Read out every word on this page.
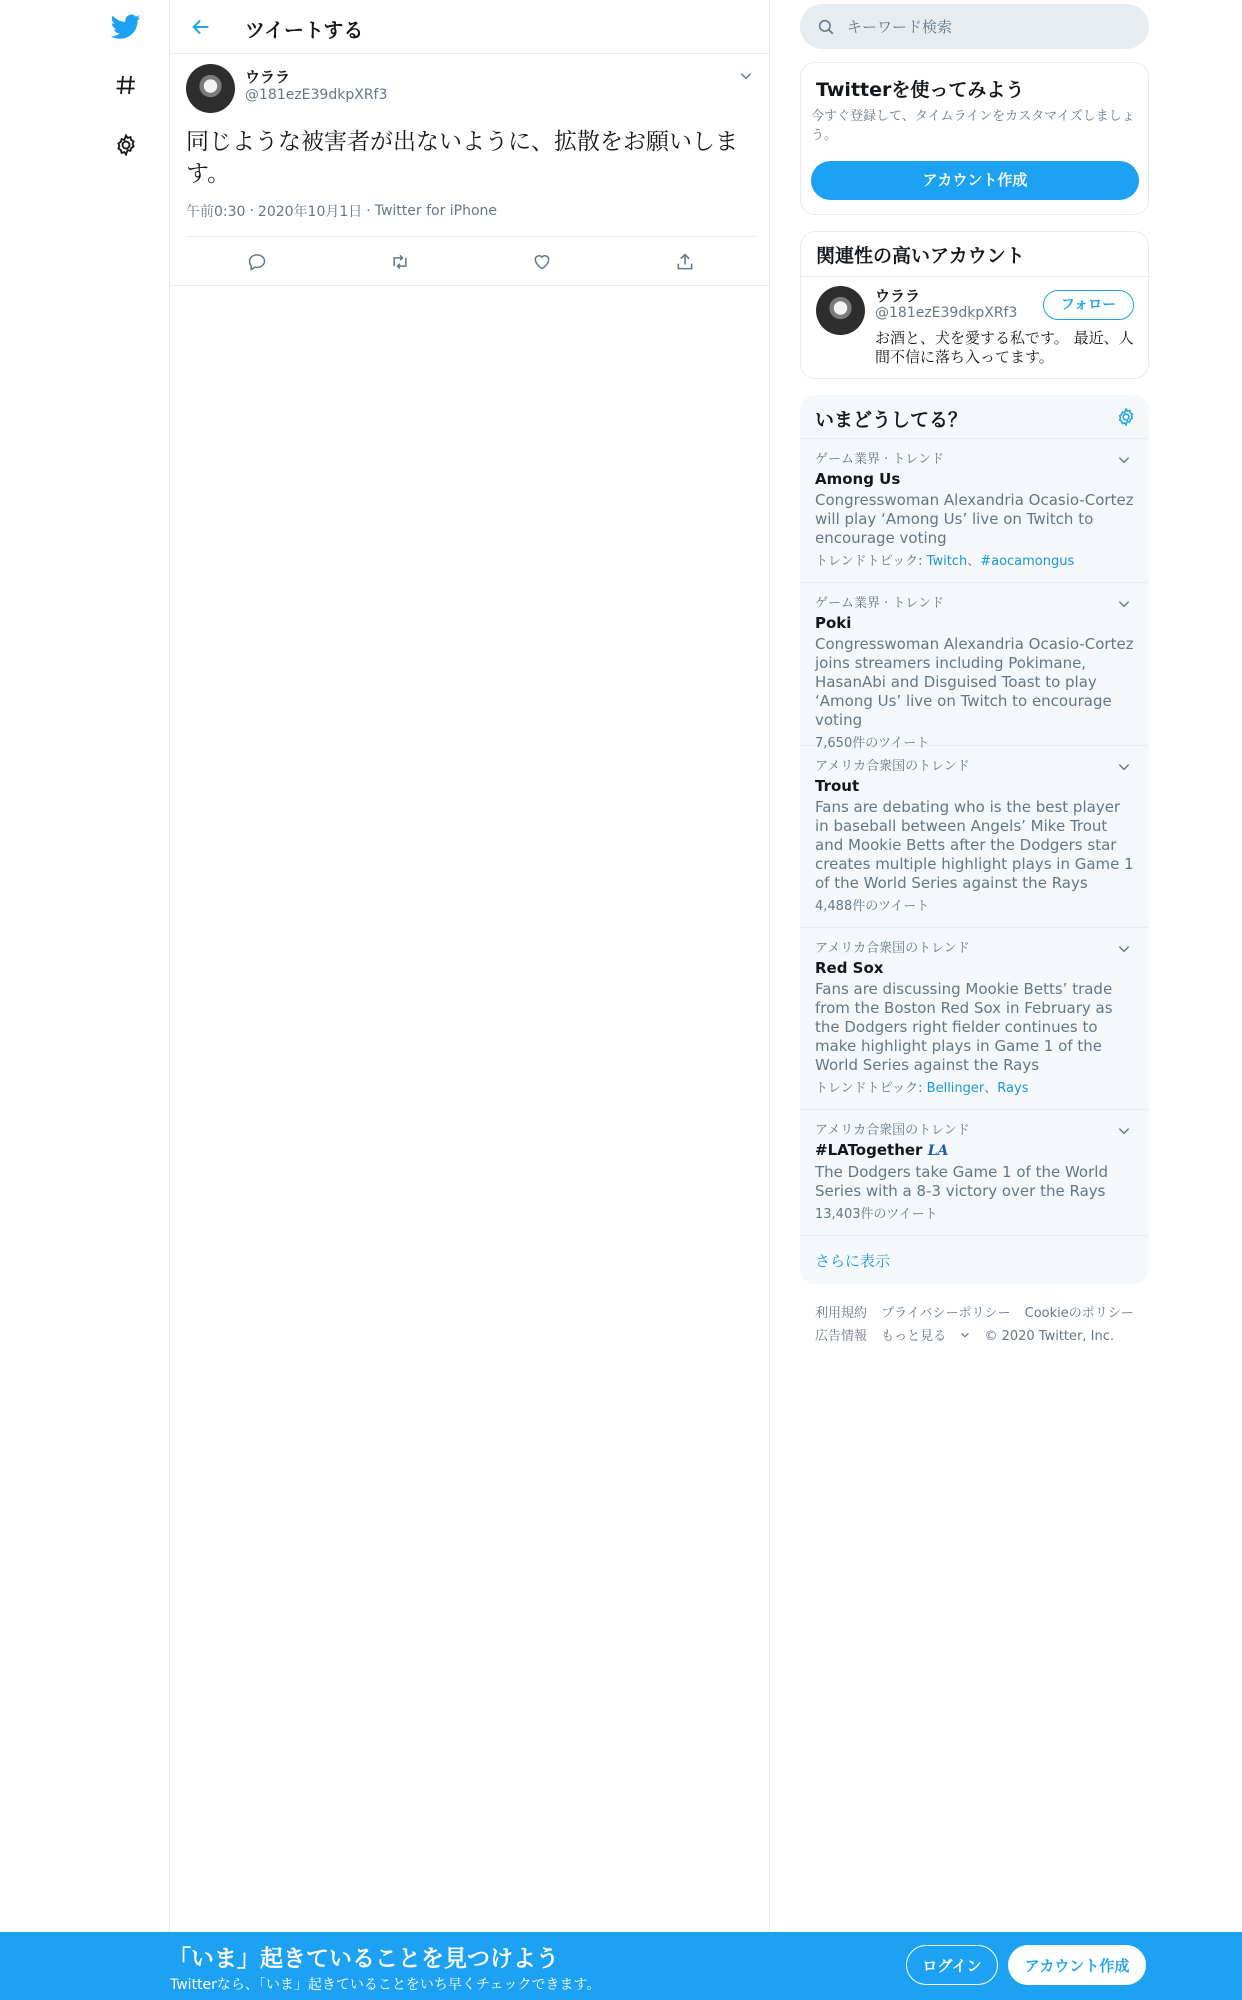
ツイートする
ウララ
@181ezE39dkpXRf3
同じような被害者が出ないように、拡散をお願いします。
午前0:30 · 2020年10月1日 · Twitter for iPhone
キーワード検索
Twitterを使ってみよう
今すぐ登録して、タイムラインをカスタマイズしましょう。
アカウント作成
関連性の高いアカウント
ウララ
@181ezE39dkpXRf3	フォロー
お酒と、犬を愛する私です。 最近、人間不信に落ち入ってます。
いまどうしてる？
ゲーム業界 · トレンド
Among Us
Congresswoman Alexandria Ocasio-Cortez will play ‘Among Us’ live on Twitch to encourage voting
トレンドトピック: Twitch、#aocamongus
ゲーム業界 · トレンド
Poki
Congresswoman Alexandria Ocasio-Cortez joins streamers including Pokimane, HasanAbi and Disguised Toast to play ‘Among Us’ live on Twitch to encourage voting
7,650件のツイート
アメリカ合衆国のトレンド
Trout
Fans are debating who is the best player in baseball between Angels’ Mike Trout and Mookie Betts after the Dodgers star creates multiple highlight plays in Game 1 of the World Series against the Rays
4,488件のツイート
アメリカ合衆国のトレンド
Red Sox
Fans are discussing Mookie Betts’ trade from the Boston Red Sox in February as the Dodgers right fielder continues to make highlight plays in Game 1 of the World Series against the Rays
トレンドトピック: Bellinger、Rays
アメリカ合衆国のトレンド
#LATogether LA
The Dodgers take Game 1 of the World Series with a 8-3 victory over the Rays
13,403件のツイート
さらに表示
利用規約 プライバシーポリシー Cookieのポリシー
広告情報 もっと見る	© 2020 Twitter, Inc.
「いま」起きていることを見つけよう
Twitterなら、「いま」起きていることをいち早くチェックできます。
ログイン	アカウント作成
